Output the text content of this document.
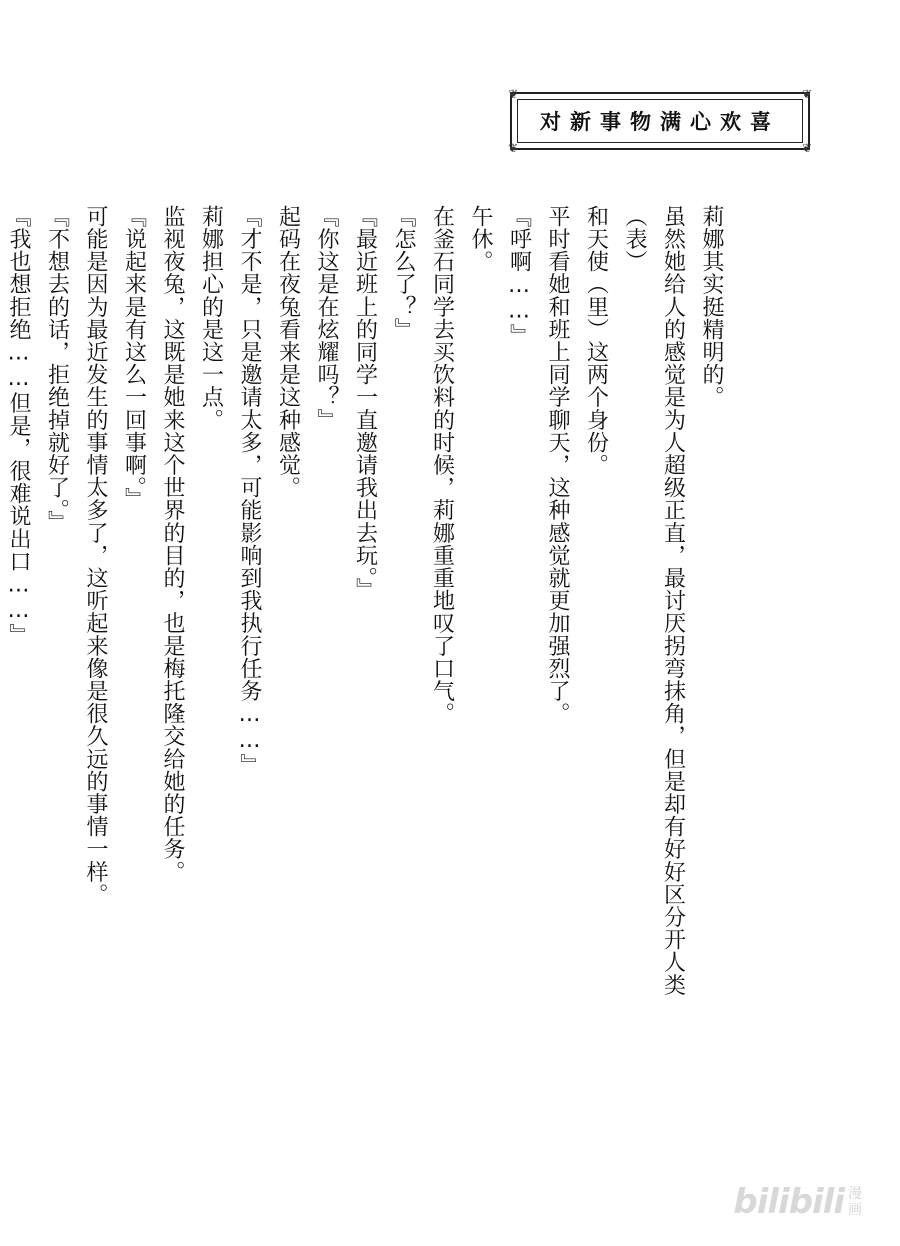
❦	❦
❦	❦
对新事物满心欢喜

莉娜其实挺精明的。

虽然她给人的感觉是为人超级正直，最讨厌拐弯抹角，但是却有好好区分开人类（表）

和天使（里）这两个身份。

平时看她和班上同学聊天，这种感觉就更加强烈了。

『呼啊……』

午休。

在釜石同学去买饮料的时候，莉娜重重地叹了口气。

『怎么了？』

『最近班上的同学一直邀请我出去玩。』

『你这是在炫耀吗？』

起码在夜兔看来是这种感觉。

『才不是，只是邀请太多，可能影响到我执行任务……』

莉娜担心的是这一点。

监视夜兔，这既是她来这个世界的目的，也是梅托隆交给她的任务。

『说起来是有这么一回事啊。』

可能是因为最近发生的事情太多了，这听起来像是很久远的事情一样。

『不想去的话，拒绝掉就好了。』

『我也想拒绝……但是，很难说出口……』

bilibili 漫
画
